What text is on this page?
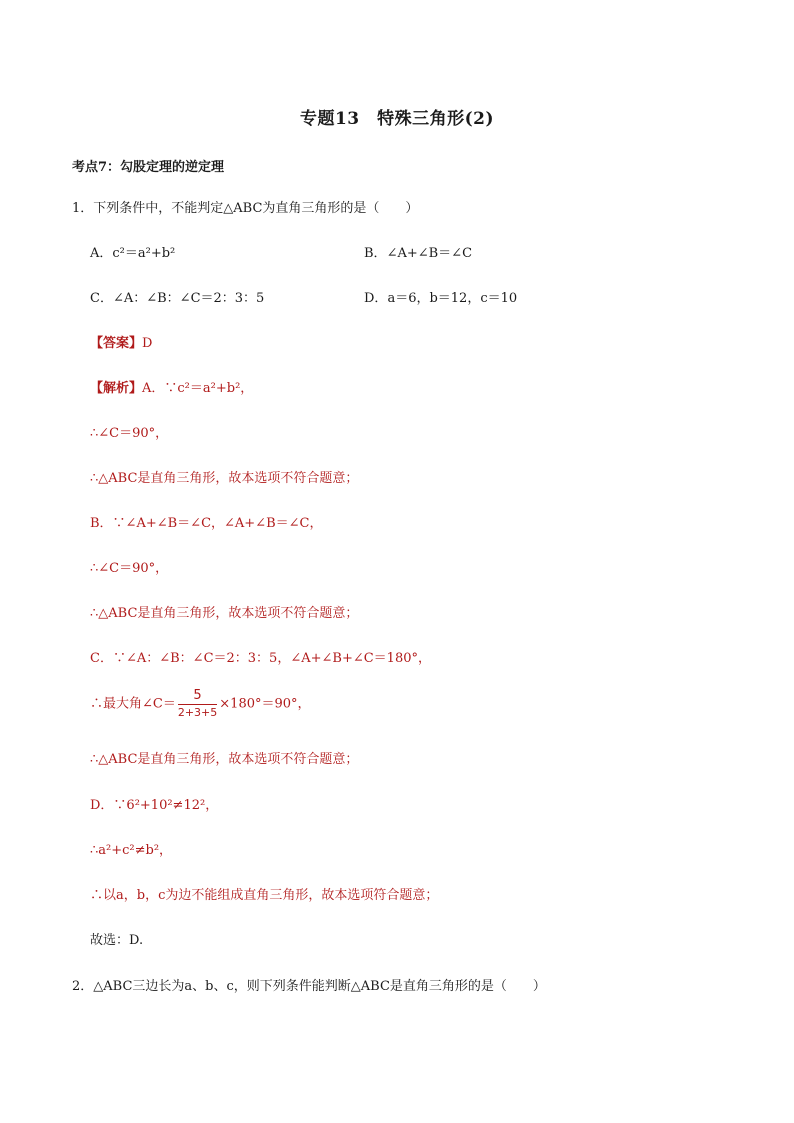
专题13　特殊三角形(2)
考点7：勾股定理的逆定理
1．下列条件中，不能判定△ABC为直角三角形的是（　　）
A．c²＝a²+b²	B．∠A+∠B＝∠C
C．∠A：∠B：∠C＝2：3：5	D．a＝6，b＝12，c＝10
【答案】D
【解析】A．∵c²＝a²+b²，
∴∠C＝90°，
∴△ABC是直角三角形，故本选项不符合题意；
B．∵∠A+∠B＝∠C，∠A+∠B＝∠C，
∴∠C＝90°，
∴△ABC是直角三角形，故本选项不符合题意；
C．∵∠A：∠B：∠C＝2：3：5，∠A+∠B+∠C＝180°，
∴最大角∠C＝ $\frac{5}{2+3+5} \times 180^\circ=90^\circ$，
∴△ABC是直角三角形，故本选项不符合题意；
D．∵6²+10²≠12²，
∴a²+c²≠b²，
∴以a，b，c为边不能组成直角三角形，故本选项符合题意；
故选：D.
2．△ABC三边长为a、b、c，则下列条件能判断△ABC是直角三角形的是（　　）
